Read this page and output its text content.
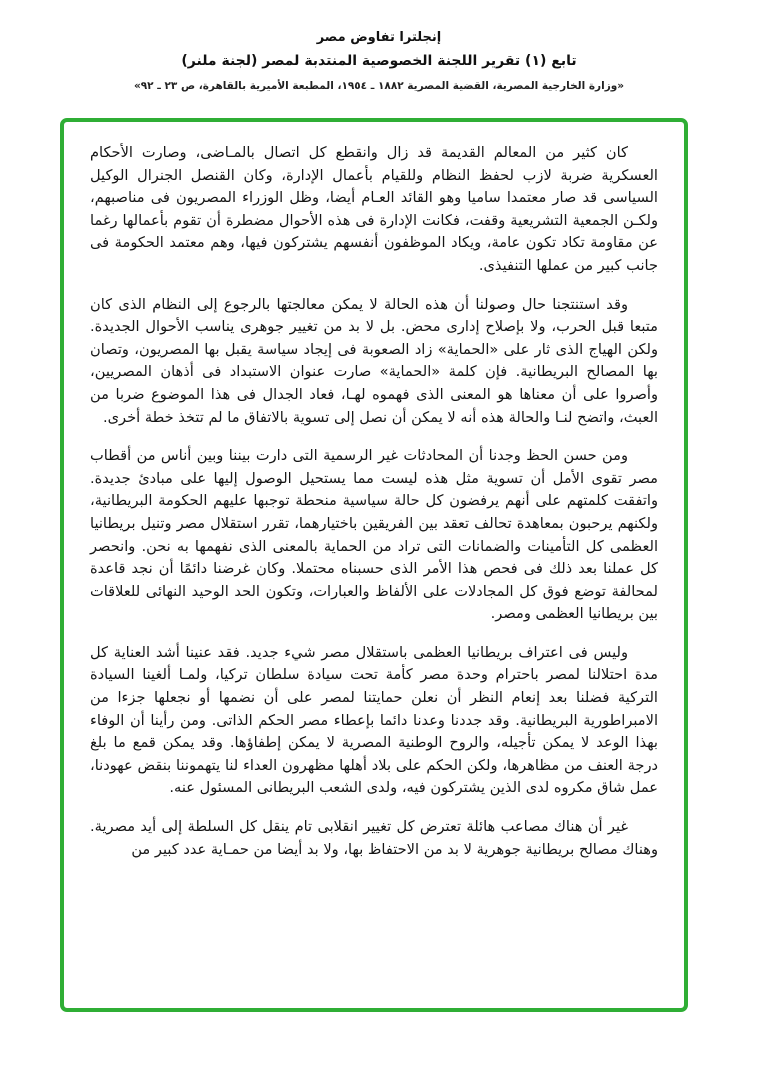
إنجلترا تفاوض مصر
تابع (١) تقرير اللجنة الخصوصية المنتدبة لمصر (لجنة ملنر)
«وزارة الخارجية المصرية، القضية المصرية ١٨٨٢ ـ ١٩٥٤، المطبعة الأميرية بالقاهرة، ص ٢٣ ـ ٩٢»

كان كثير من المعالم القديمة قد زال وانقطع كل اتصال بالمـاضى، وصارت الأحكام العسكرية ضربة لازب لحفظ النظام وللقيام بأعمال الإدارة، وكان القنصل الجنرال الوكيل السياسى قد صار معتمدا ساميا وهو القائد العـام أيضا، وظل الوزراء المصريون فى مناصبهم، ولكـن الجمعية التشريعية وقفت، فكانت الإدارة فى هذه الأحوال مضطرة أن تقوم بأعمالها رغما عن مقاومة تكاد تكون عامة، ويكاد الموظفون أنفسهم يشتركون فيها، وهم معتمد الحكومة فى جانب كبير من عملها التنفيذى.

وقد استنتجنا حال وصولنا أن هذه الحالة لا يمكن معالجتها بالرجوع إلى النظام الذى كان متبعا قبل الحرب، ولا بإصلاح إدارى محض. بل لا بد من تغيير جوهرى يناسب الأحوال الجديدة. ولكن الهياج الذى ثار على «الحماية» زاد الصعوبة فى إيجاد سياسة يقبل بها المصريون، وتصان بها المصالح البريطانية. فإن كلمة «الحماية» صارت عنوان الاستبداد فى أذهان المصريين، وأصروا على أن معناها هو المعنى الذى فهموه لهـا، فعاد الجدال فى هذا الموضوع ضربا من العبث، واتضح لنـا والحالة هذه أنه لا يمكن أن نصل إلى تسوية بالاتفاق ما لم تتخذ خطة أخرى.

ومن حسن الحظ وجدنا أن المحادثات غير الرسمية التى دارت بيننا وبين أناس من أقطاب مصر تقوى الأمل أن تسوية مثل هذه ليست مما يستحيل الوصول إليها على مبادئ جديدة. واتفقت كلمتهم على أنهم يرفضون كل حالة سياسية منحطة توجبها عليهم الحكومة البريطانية، ولكنهم يرحبون بمعاهدة تحالف تعقد بين الفريقين باختيارهما، تقرر استقلال مصر وتنيل بريطانيا العظمى كل التأمينات والضمانات التى تراد من الحماية بالمعنى الذى نفهمها به نحن. وانحصر كل عملنا بعد ذلك فى فحص هذا الأمر الذى حسبناه محتملا. وكان غرضنا دائمًا أن نجد قاعدة لمحالفة توضع فوق كل المجادلات على الألفاظ والعبارات، وتكون الحد الوحيد النهائى للعلاقات بين بريطانيا العظمى ومصر.

وليس فى اعتراف بريطانيا العظمى باستقلال مصر شيء جديد. فقد عنينا أشد العناية كل مدة احتلالنا لمصر باحترام وحدة مصر كأمة تحت سيادة سلطان تركيا، ولمـا ألغينا السيادة التركية فضلنا بعد إنعام النظر أن نعلن حمايتنا لمصر على أن نضمها أو نجعلها جزءا من الامبراطورية البريطانية. وقد جددنا وعدنا دائما بإعطاء مصر الحكم الذاتى. ومن رأينا أن الوفاء بهذا الوعد لا يمكن تأجيله، والروح الوطنية المصرية لا يمكن إطفاؤها. وقد يمكن قمع ما بلغ درجة العنف من مظاهرها، ولكن الحكم على بلاد أهلها مظهرون العداء لنا يتهموننا بنقض عهودنا، عمل شاق مكروه لدى الذين يشتركون فيه، ولدى الشعب البريطانى المسئول عنه.

غير أن هناك مصاعب هائلة تعترض كل تغيير انقلابى تام ينقل كل السلطة إلى أيد مصرية. وهناك مصالح بريطانية جوهرية لا بد من الاحتفاظ بها، ولا بد أيضا من حمـاية عدد كبير من
